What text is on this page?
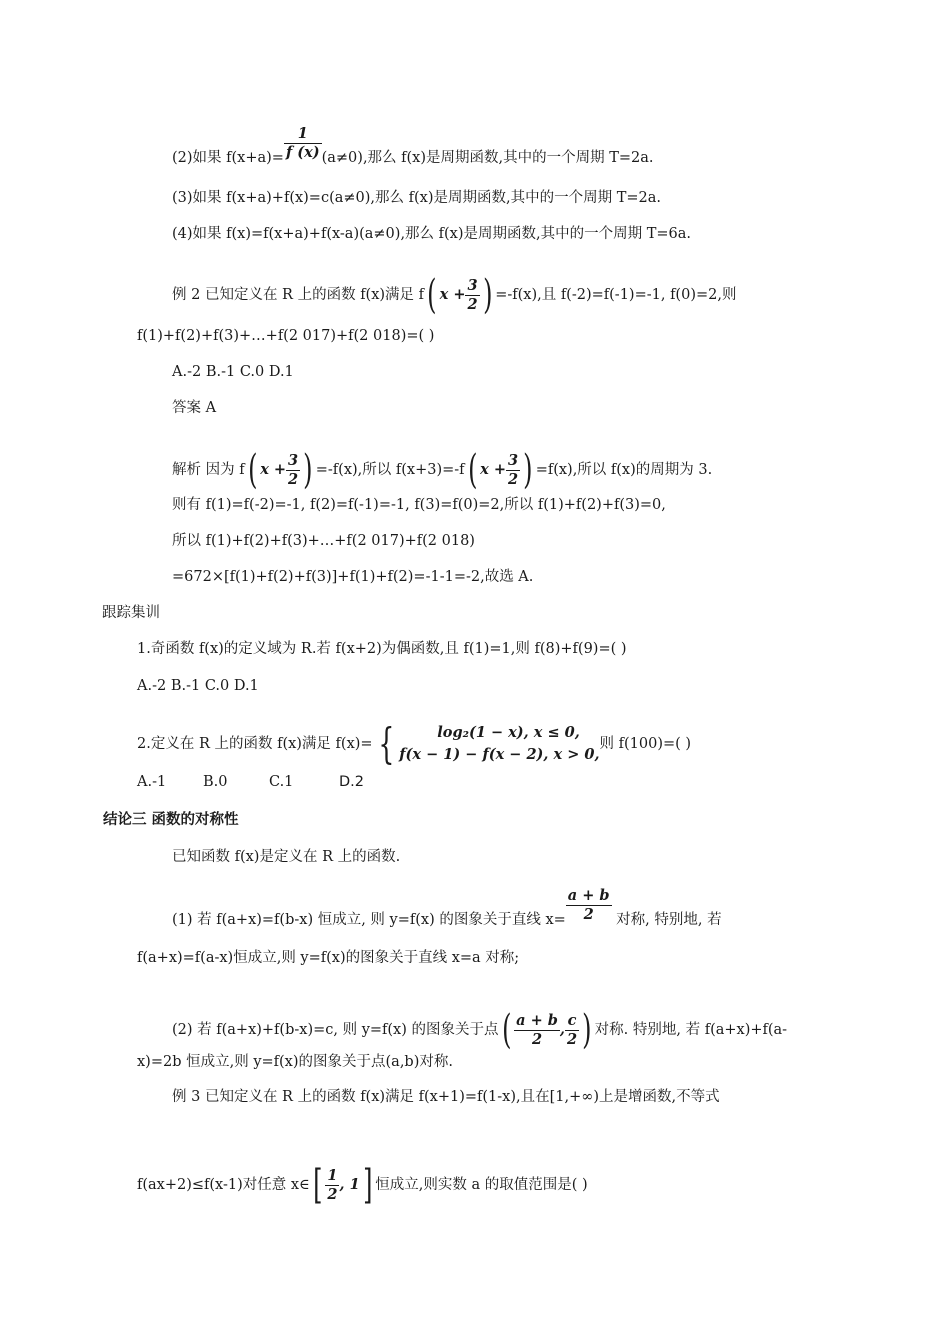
(2)如果 $f(x+a)= \frac{1}{f (x)} (a\ne 0)$,那么 f(x)是周期函数,其中的一个周期 T=2a.
(3)如果 f(x+a)+f(x)=c(a≠0),那么 f(x)是周期函数,其中的一个周期 T=2a.
(4)如果 f(x)=f(x+a)+f(x-a)(a≠0),那么 f(x)是周期函数,其中的一个周期 T=6a.
例 2 已知定义在 R 上的函数 f(x)满足 f( $x + \frac{3}{2}$ ) =-f(x),且 f(-2)=f(-1)=-1, f(0)=2,则
f(1)+f(2)+f(3)+…+f(2 017)+f(2 018)=( )
A.-2 B.-1 C.0 D.1
答案 A
解析 因为 f( $x + \frac{3}{2}$ ) =-f(x),所以 f(x+3)=-f( $x + \frac{3}{2}$ ) =f(x),所以 f(x)的周期为 3.
则有 f(1)=f(-2)=-1, f(2)=f(-1)=-1, f(3)=f(0)=2,所以 f(1)+f(2)+f(3)=0,
所以 f(1)+f(2)+f(3)+…+f(2 017)+f(2 018)
=672×[f(1)+f(2)+f(3)]+f(1)+f(2)=-1-1=-2,故选 A.
跟踪集训
1.奇函数 f(x)的定义域为 R.若 f(x+2)为偶函数,且 f(1)=1,则 f(8)+f(9)=( )
A.-2 B.-1 C.0 D.1
2.定义在 R 上的函数 f(x)满足 f(x)= {	log₂(1 − x), x ≤ 0,
f(x − 1) − f(x − 2), x > 0,
则 f(100)=( )
A.-1	B.0	C.1	D.2
结论三 函数的对称性
已知函数 f(x)是定义在 R 上的函数.
(1) 若 f(a+x)=f(b-x) 恒成立, 则 y=f(x) 的图象关于直线 $x= \frac{a + b}{2}$ 对称, 特别地, 若
f(a+x)=f(a-x)恒成立,则 y=f(x)的图象关于直线 x=a 对称;
(2) 若 f(a+x)+f(b-x)=c, 则 y=f(x) 的图象关于点( $\frac{a + b}{2}$ , $\frac{c}{2}$ ) 对称. 特别地, 若 f(a+x)+f(a-
x)=2b 恒成立,则 y=f(x)的图象关于点(a,b)对称.
例 3 已知定义在 R 上的函数 f(x)满足 f(x+1)=f(1-x),且在[1,+∞)上是增函数,不等式
f(ax+2)≤f(x-1)对任意 x∈[ $\frac{1}{2}$ , 1] 恒成立,则实数 a 的取值范围是( )
